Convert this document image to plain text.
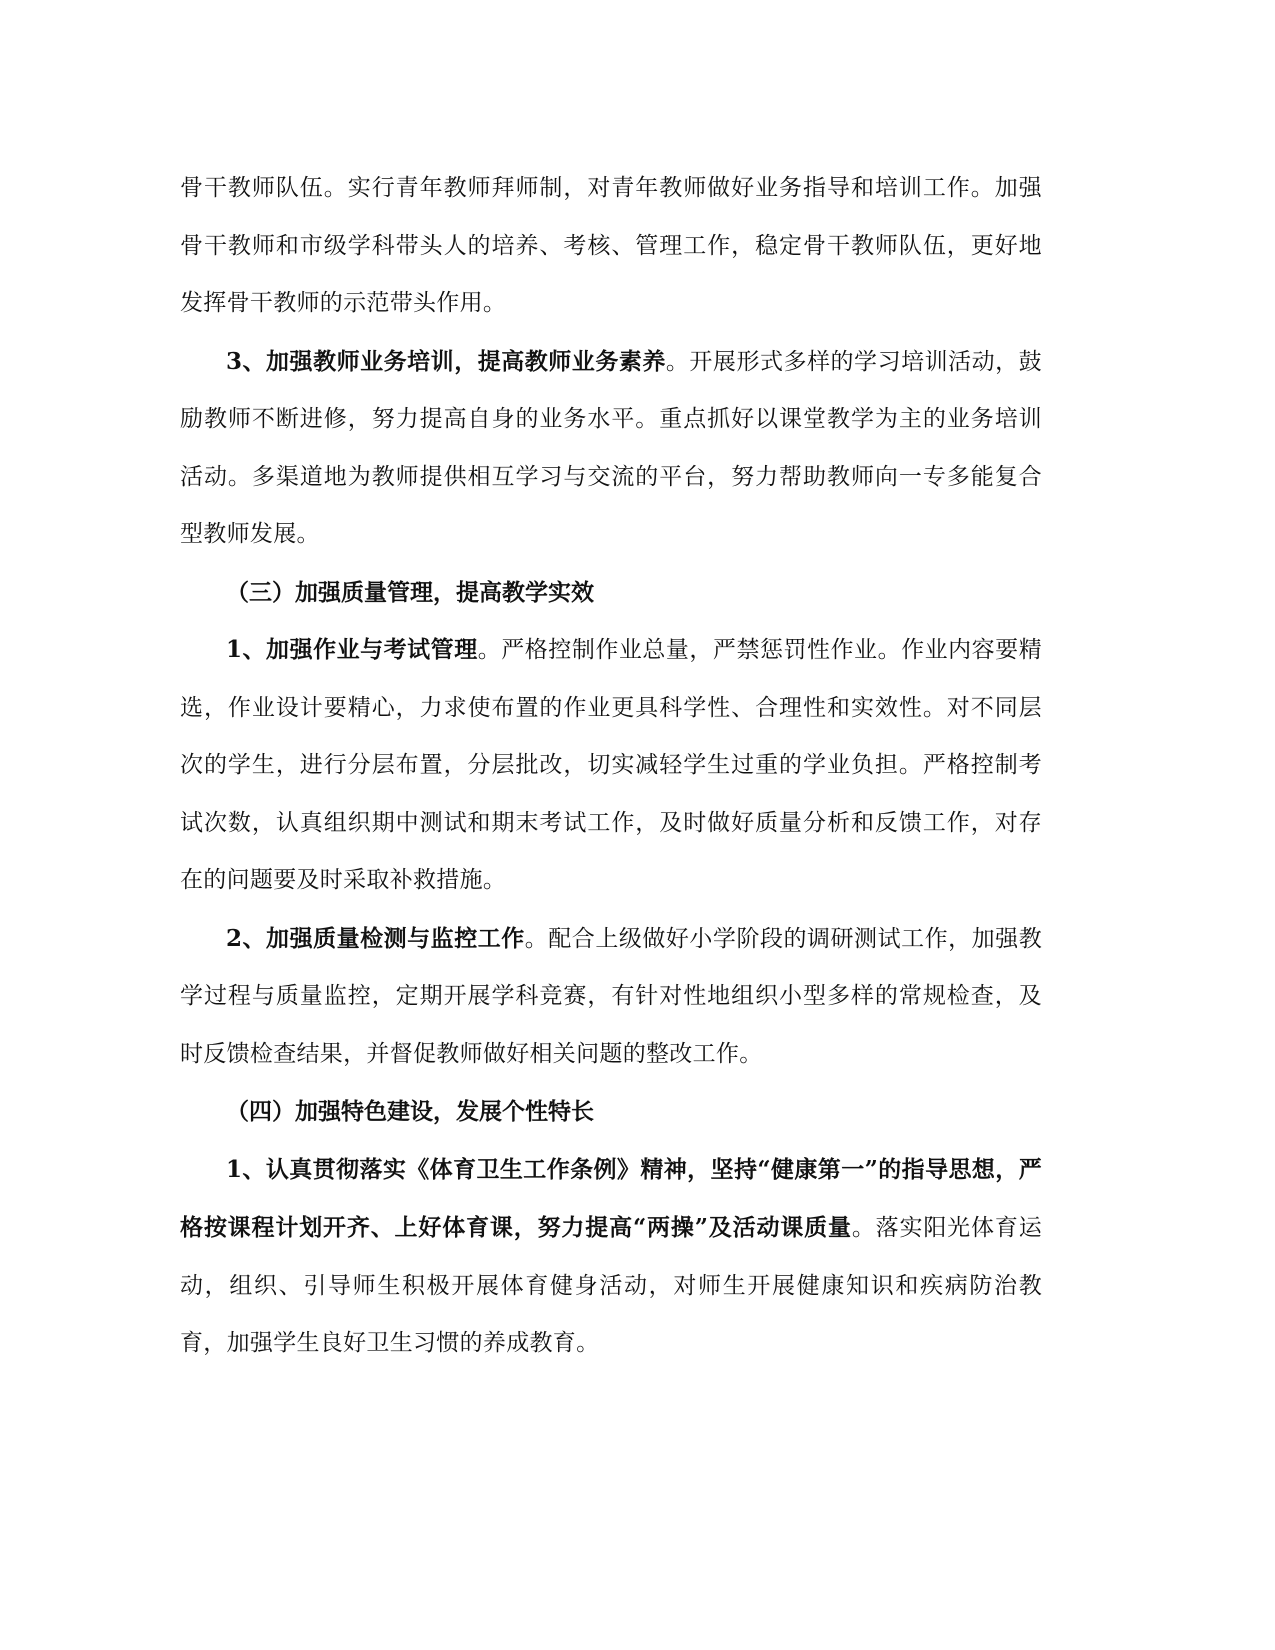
骨干教师队伍。实行青年教师拜师制，对青年教师做好业务指导和培训工作。加强骨干教师和市级学科带头人的培养、考核、管理工作，稳定骨干教师队伍，更好地发挥骨干教师的示范带头作用。

3、加强教师业务培训，提高教师业务素养。开展形式多样的学习培训活动，鼓励教师不断进修，努力提高自身的业务水平。重点抓好以课堂教学为主的业务培训活动。多渠道地为教师提供相互学习与交流的平台，努力帮助教师向一专多能复合型教师发展。

（三）加强质量管理，提高教学实效

1、加强作业与考试管理。严格控制作业总量，严禁惩罚性作业。作业内容要精选，作业设计要精心，力求使布置的作业更具科学性、合理性和实效性。对不同层次的学生，进行分层布置，分层批改，切实减轻学生过重的学业负担。严格控制考试次数，认真组织期中测试和期末考试工作，及时做好质量分析和反馈工作，对存在的问题要及时采取补救措施。

2、加强质量检测与监控工作。配合上级做好小学阶段的调研测试工作，加强教学过程与质量监控，定期开展学科竞赛，有针对性地组织小型多样的常规检查，及时反馈检查结果，并督促教师做好相关问题的整改工作。

（四）加强特色建设，发展个性特长

1、认真贯彻落实《体育卫生工作条例》精神，坚持“健康第一”的指导思想，严格按课程计划开齐、上好体育课，努力提高“两操”及活动课质量。落实阳光体育运动，组织、引导师生积极开展体育健身活动，对师生开展健康知识和疾病防治教育，加强学生良好卫生习惯的养成教育。
